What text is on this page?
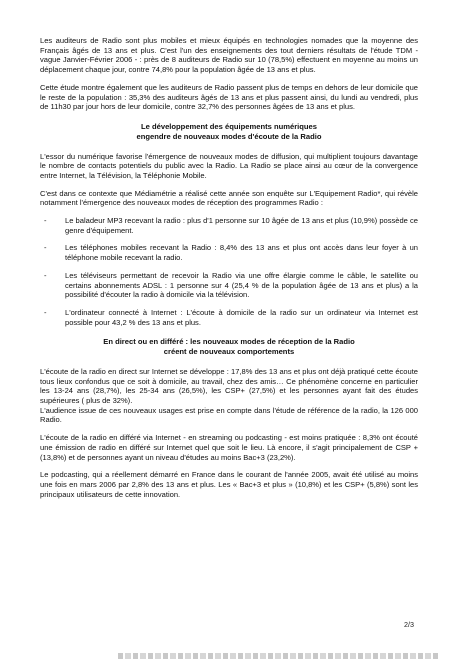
Les auditeurs de Radio sont plus mobiles et mieux équipés en technologies nomades que la moyenne des Français âgés de 13 ans et plus. C'est l'un des enseignements des tout derniers résultats de l'étude TDM - vague Janvier-Février 2006 - : près de 8 auditeurs de Radio sur 10 (78,5%) effectuent en moyenne au moins un déplacement chaque jour, contre 74,8% pour la population âgée de 13 ans et plus.

Cette étude montre également que les auditeurs de Radio passent plus de temps en dehors de leur domicile que le reste de la population : 35,3% des auditeurs âgés de 13 ans et plus passent ainsi, du lundi au vendredi, plus de 11h30 par jour hors de leur domicile, contre 32,7% des personnes âgées de 13 ans et plus.

Le développement des équipements numériques
engendre de nouveaux modes d'écoute de la Radio

L'essor du numérique favorise l'émergence de nouveaux modes de diffusion, qui multiplient toujours davantage le nombre de contacts potentiels du public avec la Radio. La Radio se place ainsi au cœur de la convergence entre Internet, la Télévision, la Téléphonie Mobile.

C'est dans ce contexte que Médiamétrie a réalisé cette année son enquête sur L'Equipement Radio*, qui révèle notamment l'émergence des nouveaux modes de réception des programmes Radio :

- Le baladeur MP3 recevant la radio : plus d'1 personne sur 10 âgée de 13 ans et plus (10,9%) possède ce genre d'équipement.
- Les téléphones mobiles recevant la Radio : 8,4% des 13 ans et plus ont accès dans leur foyer à un téléphone mobile recevant la radio.
- Les téléviseurs permettant de recevoir la Radio via une offre élargie comme le câble, le satellite ou certains abonnements ADSL : 1 personne sur 4 (25,4 % de la population âgée de 13 ans et plus) a la possibilité d'écouter la radio à domicile via la télévision.
- L'ordinateur connecté à Internet : L'écoute à domicile de la radio sur un ordinateur via Internet est possible pour 43,2 % des 13 ans et plus.
En direct ou en différé : les nouveaux modes de réception de la Radio
créent de nouveaux comportements

L'écoute de la radio en direct sur Internet se développe : 17,8% des 13 ans et plus ont déjà pratiqué cette écoute tous lieux confondus que ce soit à domicile, au travail, chez des amis… Ce phénomène concerne en particulier les 13-24 ans (28,7%), les 25-34 ans (26,5%), les CSP+ (27,5%) et les personnes ayant fait des études supérieures ( plus de 32%).

L'audience issue de ces nouveaux usages est prise en compte dans l'étude de référence de la radio, la 126 000 Radio.

L'écoute de la radio en différé via Internet - en streaming ou podcasting - est moins pratiquée : 8,3% ont écouté une émission de radio en différé sur Internet quel que soit le lieu. Là encore, il s'agit principalement de CSP + (13,8%) et de personnes ayant un niveau d'études au moins Bac+3 (23,2%).

Le podcasting, qui a réellement démarré en France dans le courant de l'année 2005, avait été utilisé au moins une fois en mars 2006 par 2,8% des 13 ans et plus. Les « Bac+3 et plus » (10,8%) et les CSP+ (5,8%) sont les principaux utilisateurs de cette innovation.

2/3
